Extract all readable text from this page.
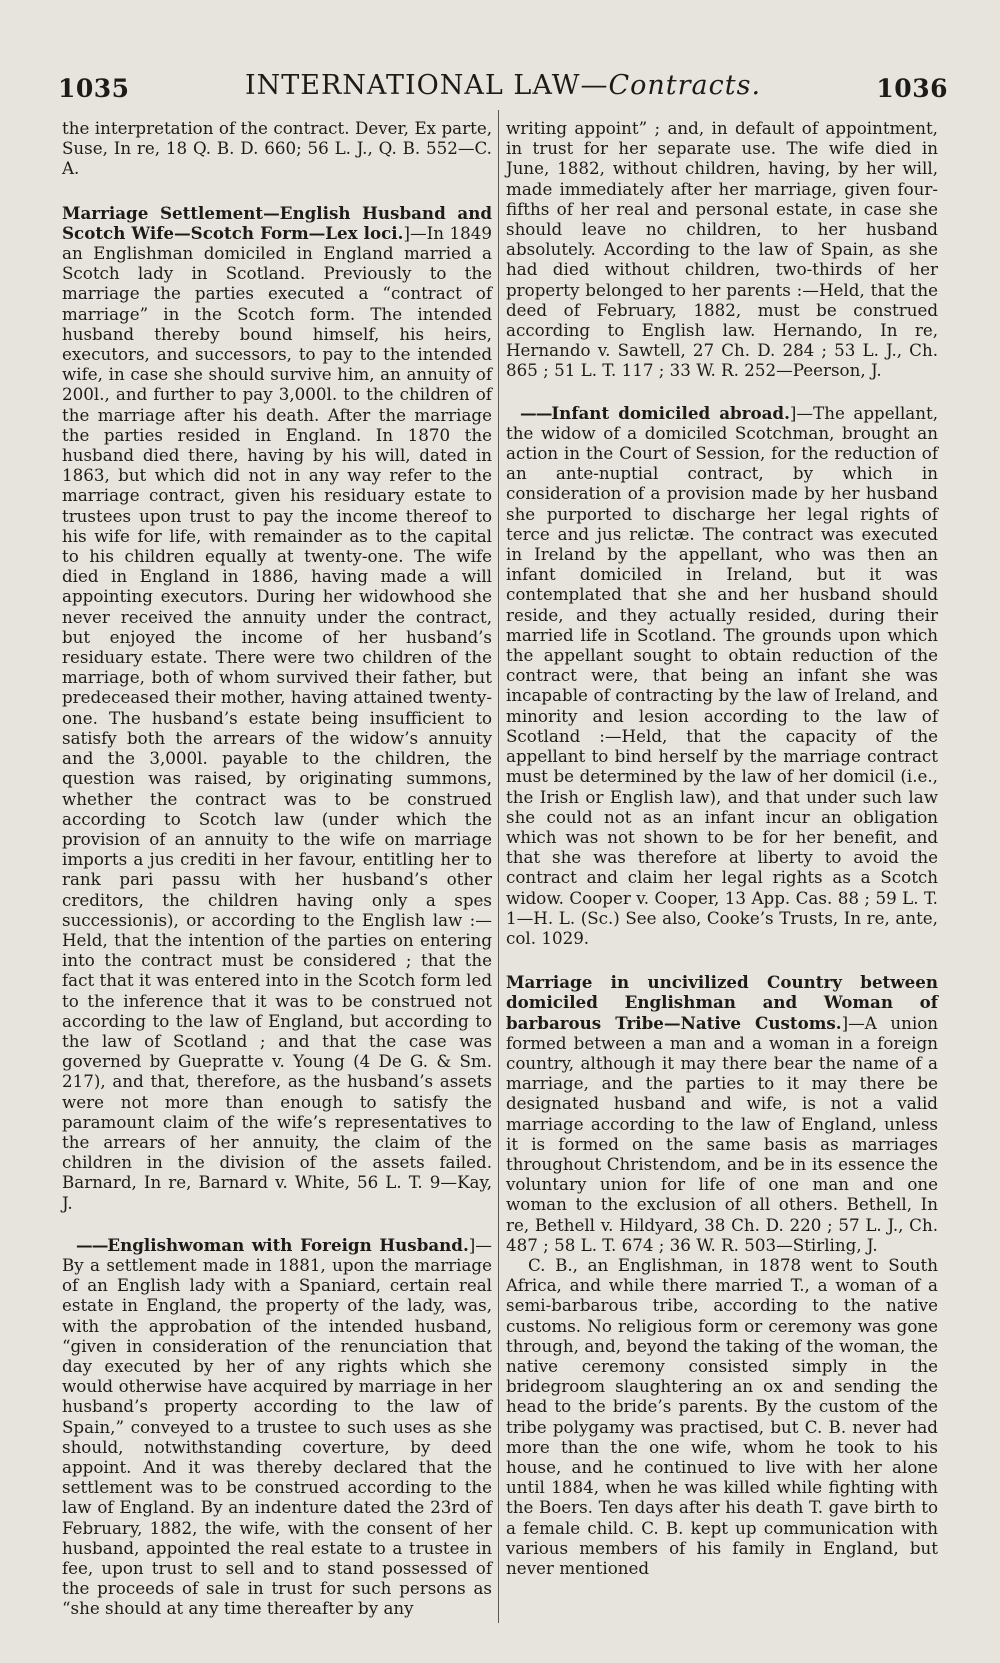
1035	INTERNATIONAL LAW—Contracts.	1036

the interpretation of the contract. Dever, Ex parte, Suse, In re, 18 Q. B. D. 660; 56 L. J., Q. B. 552—C. A.

Marriage Settlement—English Husband and Scotch Wife—Scotch Form—Lex loci.]—In 1849 an Englishman domiciled in England married a Scotch lady in Scotland. Previously to the marriage the parties executed a “contract of marriage” in the Scotch form. The intended husband thereby bound himself, his heirs, executors, and successors, to pay to the intended wife, in case she should survive him, an annuity of 200l., and further to pay 3,000l. to the children of the marriage after his death. After the marriage the parties resided in England. In 1870 the husband died there, having by his will, dated in 1863, but which did not in any way refer to the marriage contract, given his residuary estate to trustees upon trust to pay the income thereof to his wife for life, with remainder as to the capital to his children equally at twenty-one. The wife died in England in 1886, having made a will appointing executors. During her widowhood she never received the annuity under the contract, but enjoyed the income of her husband’s residuary estate. There were two children of the marriage, both of whom survived their father, but predeceased their mother, having attained twenty-one. The husband’s estate being insufficient to satisfy both the arrears of the widow’s annuity and the 3,000l. payable to the children, the question was raised, by originating summons, whether the contract was to be construed according to Scotch law (under which the provision of an annuity to the wife on marriage imports a jus crediti in her favour, entitling her to rank pari passu with her husband’s other creditors, the children having only a spes successionis), or according to the English law :—Held, that the intention of the parties on entering into the contract must be considered ; that the fact that it was entered into in the Scotch form led to the inference that it was to be construed not according to the law of England, but according to the law of Scotland ; and that the case was governed by Guepratte v. Young (4 De G. & Sm. 217), and that, therefore, as the husband’s assets were not more than enough to satisfy the paramount claim of the wife’s representatives to the arrears of her annuity, the claim of the children in the division of the assets failed. Barnard, In re, Barnard v. White, 56 L. T. 9—Kay, J.

——Englishwoman with Foreign Husband.]—By a settlement made in 1881, upon the marriage of an English lady with a Spaniard, certain real estate in England, the property of the lady, was, with the approbation of the intended husband, “given in consideration of the renunciation that day executed by her of any rights which she would otherwise have acquired by marriage in her husband’s property according to the law of Spain,” conveyed to a trustee to such uses as she should, notwithstanding coverture, by deed appoint. And it was thereby declared that the settlement was to be construed according to the law of England. By an indenture dated the 23rd of February, 1882, the wife, with the consent of her husband, appointed the real estate to a trustee in fee, upon trust to sell and to stand possessed of the proceeds of sale in trust for such persons as “she should at any time thereafter by any

writing appoint” ; and, in default of appointment, in trust for her separate use. The wife died in June, 1882, without children, having, by her will, made immediately after her marriage, given four-fifths of her real and personal estate, in case she should leave no children, to her husband absolutely. According to the law of Spain, as she had died without children, two-thirds of her property belonged to her parents :—Held, that the deed of February, 1882, must be construed according to English law. Hernando, In re, Hernando v. Sawtell, 27 Ch. D. 284 ; 53 L. J., Ch. 865 ; 51 L. T. 117 ; 33 W. R. 252—Peerson, J.

——Infant domiciled abroad.]—The appellant, the widow of a domiciled Scotchman, brought an action in the Court of Session, for the reduction of an ante-nuptial contract, by which in consideration of a provision made by her husband she purported to discharge her legal rights of terce and jus relictæ. The contract was executed in Ireland by the appellant, who was then an infant domiciled in Ireland, but it was contemplated that she and her husband should reside, and they actually resided, during their married life in Scotland. The grounds upon which the appellant sought to obtain reduction of the contract were, that being an infant she was incapable of contracting by the law of Ireland, and minority and lesion according to the law of Scotland :—Held, that the capacity of the appellant to bind herself by the marriage contract must be determined by the law of her domicil (i.e., the Irish or English law), and that under such law she could not as an infant incur an obligation which was not shown to be for her benefit, and that she was therefore at liberty to avoid the contract and claim her legal rights as a Scotch widow. Cooper v. Cooper, 13 App. Cas. 88 ; 59 L. T. 1—H. L. (Sc.) See also, Cooke’s Trusts, In re, ante, col. 1029.

Marriage in uncivilized Country between domiciled Englishman and Woman of barbarous Tribe—Native Customs.]—A union formed between a man and a woman in a foreign country, although it may there bear the name of a marriage, and the parties to it may there be designated husband and wife, is not a valid marriage according to the law of England, unless it is formed on the same basis as marriages throughout Christendom, and be in its essence the voluntary union for life of one man and one woman to the exclusion of all others. Bethell, In re, Bethell v. Hildyard, 38 Ch. D. 220 ; 57 L. J., Ch. 487 ; 58 L. T. 674 ; 36 W. R. 503—Stirling, J.

C. B., an Englishman, in 1878 went to South Africa, and while there married T., a woman of a semi-barbarous tribe, according to the native customs. No religious form or ceremony was gone through, and, beyond the taking of the woman, the native ceremony consisted simply in the bridegroom slaughtering an ox and sending the head to the bride’s parents. By the custom of the tribe polygamy was practised, but C. B. never had more than the one wife, whom he took to his house, and he continued to live with her alone until 1884, when he was killed while fighting with the Boers. Ten days after his death T. gave birth to a female child. C. B. kept up communication with various members of his family in England, but never mentioned
